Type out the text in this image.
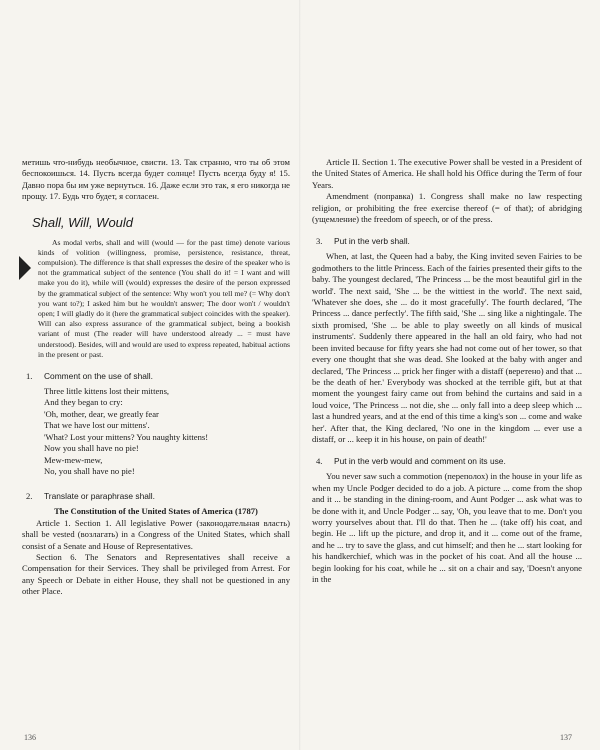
метишь что-нибудь необычное, свисти. 13. Так странно, что ты об этом беспокоишься. 14. Пусть всегда будет солнце! Пусть всегда буду я! 15. Давно пора бы им уже вернуться. 16. Даже если это так, я его никогда не прощу. 17. Будь что будет, я согласен.

Shall, Will, Would

As modal verbs, shall and will (would — for the past time) denote various kinds of volition (willingness, promise, persistence, resistance, threat, compulsion). The difference is that shall expresses the desire of the speaker who is not the grammatical subject of the sentence (You shall do it! = I want and will make you do it), while will (would) expresses the desire of the person expressed by the grammatical subject of the sentence: Why won't you tell me? (= Why don't you want to?); I asked him but he wouldn't answer; The door won't / wouldn't open; I will gladly do it (here the grammatical subject coincides with the speaker). Will can also express assurance of the grammatical subject, being a bookish variant of must (The reader will have understood already ... = must have understood). Besides, will and would are used to express repeated, habitual actions in the present or past.

1.	Comment on the use of shall.
Three little kittens lost their mittens,
And they began to cry:
'Oh, mother, dear, we greatly fear
That we have lost our mittens'.
'What? Lost your mittens? You naughty kittens!
Now you shall have no pie!
Mew-mew-mew,
No, you shall have no pie!
2.	Translate or paraphrase shall.

The Constitution of the United States of America (1787)

Article 1. Section 1. All legislative Power (законодательная власть) shall be vested (возлагать) in a Congress of the United States, which shall consist of a Senate and House of Representatives.

Section 6. The Senators and Representatives shall receive a Compensation for their Services. They shall be privileged from Arrest. For any Speech or Debate in either House, they shall not be questioned in any other Place.

Article II. Section 1. The executive Power shall be vested in a President of the United States of America. He shall hold his Office during the Term of four Years.

Amendment (поправка) 1. Congress shall make no law respecting religion, or prohibiting the free exercise thereof (= of that); of abridging (ущемление) the freedom of speech, or of the press.

3.	Put in the verb shall.

When, at last, the Queen had a baby, the King invited seven Fairies to be godmothers to the little Princess. Each of the fairies presented their gifts to the baby. The youngest declared, 'The Princess ... be the most beautiful girl in the world'. The next said, 'She ... be the wittiest in the world'. The next said, 'Whatever she does, she ... do it most gracefully'. The fourth declared, 'The Princess ... dance perfectly'. The fifth said, 'She ... sing like a nightingale. The sixth promised, 'She ... be able to play sweetly on all kinds of musical instruments'. Suddenly there appeared in the hall an old fairy, who had not been invited because for fifty years she had not come out of her tower, so that every one thought that she was dead. She looked at the baby with anger and declared, 'The Princess ... prick her finger with a distaff (веретено) and that ... be the death of her.' Everybody was shocked at the terrible gift, but at that moment the youngest fairy came out from behind the curtains and said in a loud voice, 'The Princess ... not die, she ... only fall into a deep sleep which ... last a hundred years, and at the end of this time a king's son ... come and wake her'. After that, the King declared, 'No one in the kingdom ... ever use a distaff, or ... keep it in his house, on pain of death!'

4.	Put in the verb would and comment on its use.

You never saw such a commotion (переполох) in the house in your life as when my Uncle Podger decided to do a job. A picture ... come from the shop and it ... be standing in the dining-room, and Aunt Podger ... ask what was to be done with it, and Uncle Podger ... say, 'Oh, you leave that to me. Don't you worry yourselves about that. I'll do that. Then he ... (take off) his coat, and begin. He ... lift up the picture, and drop it, and it ... come out of the frame, and he ... try to save the glass, and cut himself; and then he ... start looking for his handkerchief, which was in the pocket of his coat. And all the house ... begin looking for his coat, while he ... sit on a chair and say, 'Doesn't anyone in the

136	137
